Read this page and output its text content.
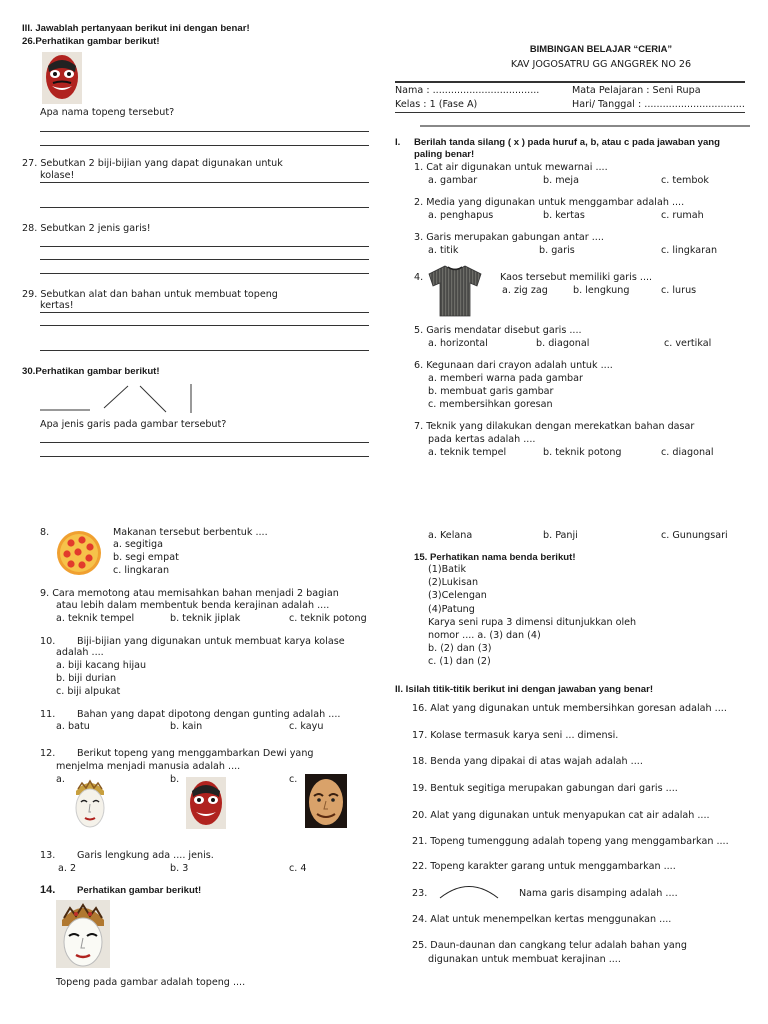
III. Jawablah pertanyaan berikut ini dengan benar!
26.Perhatikan gambar berikut!
Apa nama topeng tersebut?
27. Sebutkan 2 biji-bijian yang dapat digunakan untuk
kolase!
28. Sebutkan 2 jenis garis!
29. Sebutkan alat dan bahan untuk membuat topeng
kertas!
30.Perhatikan gambar berikut!
Apa jenis garis pada gambar tersebut?
BIMBINGAN BELAJAR “CERIA”
KAV JOGOSATRU GG ANGGREK NO 26
Nama : ...................................	Mata Pelajaran : Seni Rupa
Kelas : 1 (Fase A)	Hari/ Tanggal : .................................
I. Berilah tanda silang ( x ) pada huruf a, b, atau c pada jawaban yang
paling benar!
1. Cat air digunakan untuk mewarnai ....
a. gambar	b. meja	c. tembok
2. Media yang digunakan untuk menggambar adalah ....
a. penghapus	b. kertas	c. rumah
3. Garis merupakan gabungan antar ....
a. titik	b. garis	c. lingkaran
4.	Kaos tersebut memiliki garis ....
a. zig zag	b. lengkung	c. lurus
5. Garis mendatar disebut garis ....
a. horizontal	b. diagonal	c. vertikal
6. Kegunaan dari crayon adalah untuk ....
a. memberi warna pada gambar
b. membuat garis gambar
c. membersihkan goresan
7. Teknik yang dilakukan dengan merekatkan bahan dasar
pada kertas adalah ....
a. teknik tempel	b. teknik potong	c. diagonal
8.	Makanan tersebut berbentuk ....
a. segitiga
b. segi empat
c. lingkaran
9. Cara memotong atau memisahkan bahan menjadi 2 bagian
atau lebih dalam membentuk benda kerajinan adalah ....
a. teknik tempel	b. teknik jiplak	c. teknik potong
10. Biji-bijian yang digunakan untuk membuat karya kolase
adalah ....
a. biji kacang hijau
b. biji durian
c. biji alpukat
11. Bahan yang dapat dipotong dengan gunting adalah ....
a. batu	b. kain	c. kayu
12. Berikut topeng yang menggambarkan Dewi yang
menjelma menjadi manusia adalah ....
a.	b.	c.
13. Garis lengkung ada .... jenis.
a. 2	b. 3	c. 4
14. Perhatikan gambar berikut!
Topeng pada gambar adalah topeng ....
a. Kelana	b. Panji	c. Gunungsari
15. Perhatikan nama benda berikut!
(1)Batik
(2)Lukisan
(3)Celengan
(4)Patung
Karya seni rupa 3 dimensi ditunjukkan oleh
nomor .... a. (3) dan (4)
b. (2) dan (3)
c. (1) dan (2)
II. Isilah titik-titik berikut ini dengan jawaban yang benar!
16. Alat yang digunakan untuk membersihkan goresan adalah ....
17. Kolase termasuk karya seni ... dimensi.
18. Benda yang dipakai di atas wajah adalah ....
19. Bentuk segitiga merupakan gabungan dari garis ....
20. Alat yang digunakan untuk menyapukan cat air adalah ....
21. Topeng tumenggung adalah topeng yang menggambarkan ....
22. Topeng karakter garang untuk menggambarkan ....
23.	Nama garis disamping adalah ....
24. Alat untuk menempelkan kertas menggunakan ....
25. Daun-daunan dan cangkang telur adalah bahan yang
digunakan untuk membuat kerajinan ....
